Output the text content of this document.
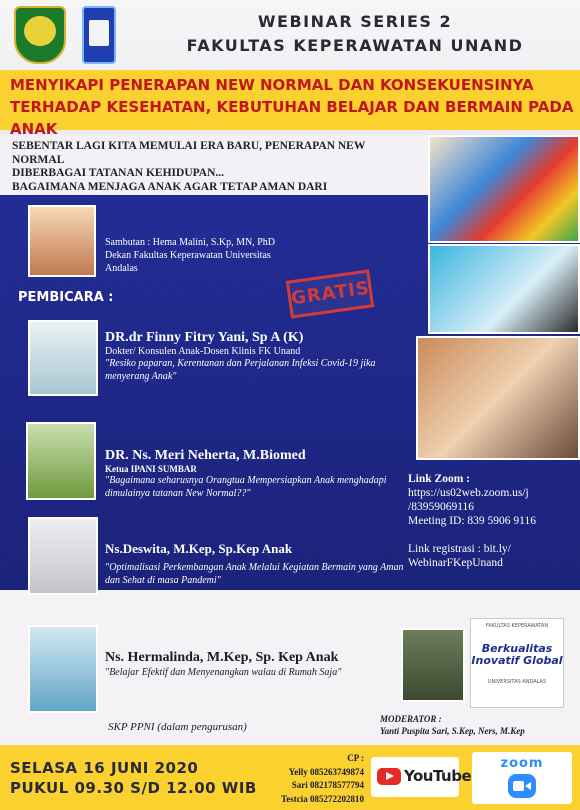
WEBINAR SERIES 2
FAKULTAS KEPERAWATAN UNAND
MENYIKAPI PENERAPAN NEW NORMAL DAN KONSEKUENSINYA TERHADAP KESEHATAN, KEBUTUHAN BELAJAR DAN BERMAIN PADA ANAK
SEBENTAR LAGI KITA MEMULAI ERA BARU, PENERAPAN NEW NORMAL
DIBERBAGAI TATANAN KEHIDUPAN...
BAGAIMANA MENJAGA ANAK AGAR TETAP AMAN DARI
Sambutan : Hema Malini, S.Kp, MN, PhD
Dekan Fakultas Keperawatan Universitas
Andalas
PEMBICARA :	GRATIS
DR.dr Finny Fitry Yani, Sp A (K)
Dokter/ Konsulen Anak-Dosen Klinis FK Unand
"Resiko paparan, Kerentanan dan Perjalanan Infeksi Covid-19 jika menyerang Anak"
DR. Ns. Meri Neherta, M.Biomed
Ketua IPANI SUMBAR
"Bagaimana seharusnya Orangtua Mempersiapkan Anak menghadapi dimulainya tatanan New Normal??"
Ns.Deswita, M.Kep, Sp.Kep Anak
"Optimalisasi Perkembangan Anak Melalui Kegiatan Bermain yang Aman dan Sehat di masa Pandemi"
Ns. Hermalinda, M.Kep, Sp. Kep Anak
"Belajar Efektif dan Menyenangkan walau di Rumah Saja"
Link Zoom :
https://us02web.zoom.us/j
/83959069116
Meeting ID: 839 5906 9116
Link registrasi : bit.ly/
WebinarFKepUnand
FAKULTAS KEPERAWATAN
Berkualitas Inovatif Global
UNIVERSITAS ANDALAS
SKP PPNI (dalam pengurusan)
MODERATOR :
Yanti Puspita Sari, S.Kep, Ners, M.Kep
SELASA 16 JUNI 2020
PUKUL 09.30 S/D 12.00 WIB
CP :
Yelly 085263749874
Sari 082178577794
Testcia 085272202810
YouTube
zoom
